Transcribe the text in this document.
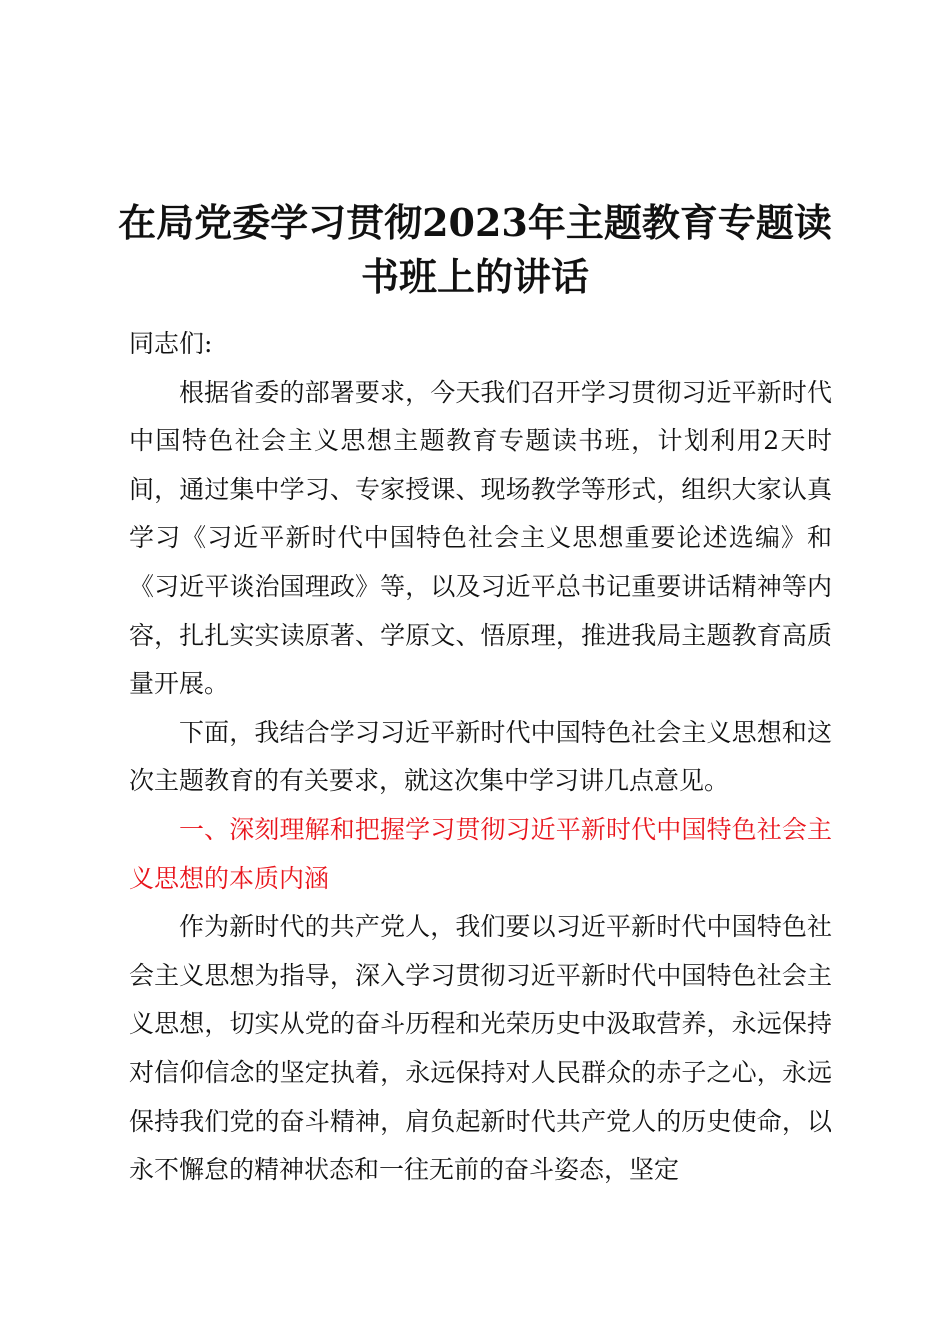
在局党委学习贯彻2023年主题教育专题读书班上的讲话

同志们:

根据省委的部署要求，今天我们召开学习贯彻习近平新时代中国特色社会主义思想主题教育专题读书班，计划利用2天时间，通过集中学习、专家授课、现场教学等形式，组织大家认真学习《习近平新时代中国特色社会主义思想重要论述选编》和《习近平谈治国理政》等，以及习近平总书记重要讲话精神等内容，扎扎实实读原著、学原文、悟原理，推进我局主题教育高质量开展。

下面，我结合学习习近平新时代中国特色社会主义思想和这次主题教育的有关要求，就这次集中学习讲几点意见。

一、深刻理解和把握学习贯彻习近平新时代中国特色社会主义思想的本质内涵

作为新时代的共产党人，我们要以习近平新时代中国特色社会主义思想为指导，深入学习贯彻习近平新时代中国特色社会主义思想，切实从党的奋斗历程和光荣历史中汲取营养，永远保持对信仰信念的坚定执着，永远保持对人民群众的赤子之心，永远保持我们党的奋斗精神，肩负起新时代共产党人的历史使命，以永不懈怠的精神状态和一往无前的奋斗姿态，坚定
